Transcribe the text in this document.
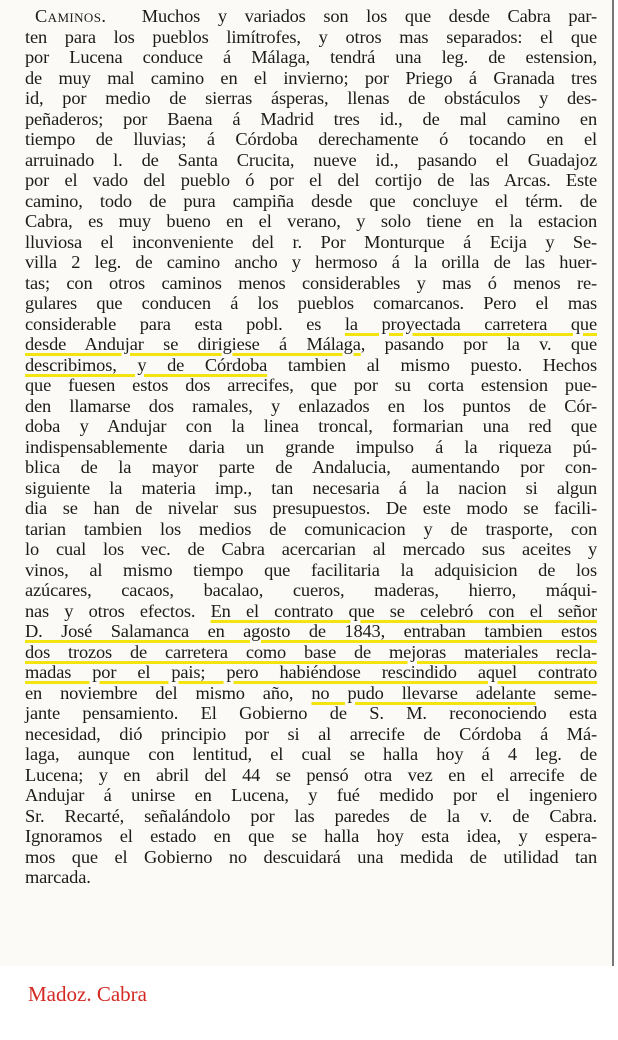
Caminos. Muchos y variados son los que desde Cabra par-
ten para los pueblos limítrofes, y otros mas separados: el que
por Lucena conduce á Málaga, tendrá una leg. de estension,
de muy mal camino en el invierno; por Priego á Granada tres
id, por medio de sierras ásperas, llenas de obstáculos y des-
peñaderos; por Baena á Madrid tres id., de mal camino en
tiempo de lluvias; á Córdoba derechamente ó tocando en el
arruinado l. de Santa Crucita, nueve id., pasando el Guadajoz
por el vado del pueblo ó por el del cortijo de las Arcas. Este
camino, todo de pura campiña desde que concluye el térm. de
Cabra, es muy bueno en el verano, y solo tiene en la estacion
lluviosa el inconveniente del r. Por Monturque á Ecija y Se-
villa 2 leg. de camino ancho y hermoso á la orilla de las huer-
tas; con otros caminos menos considerables y mas ó menos re-
gulares que conducen á los pueblos comarcanos. Pero el mas
considerable para esta pobl. es la proyectada carretera que
desde Andujar se dirigiese á Málaga, pasando por la v. que
describimos, y de Córdoba tambien al mismo puesto. Hechos
que fuesen estos dos arrecifes, que por su corta estension pue-
den llamarse dos ramales, y enlazados en los puntos de Cór-
doba y Andujar con la linea troncal, formarian una red que
indispensablemente daria un grande impulso á la riqueza pú-
blica de la mayor parte de Andalucia, aumentando por con-
siguiente la materia imp., tan necesaria á la nacion si algun
dia se han de nivelar sus presupuestos. De este modo se facili-
tarian tambien los medios de comunicacion y de trasporte, con
lo cual los vec. de Cabra acercarian al mercado sus aceites y
vinos, al mismo tiempo que facilitaria la adquisicion de los
azúcares, cacaos, bacalao, cueros, maderas, hierro, máqui-
nas y otros efectos. En el contrato que se celebró con el señor
D. José Salamanca en agosto de 1843, entraban tambien estos
dos trozos de carretera como base de mejoras materiales recla-
madas por el pais; pero habiéndose rescindido aquel contrato
en noviembre del mismo año, no pudo llevarse adelante seme-
jante pensamiento. El Gobierno de S. M. reconociendo esta
necesidad, dió principio por si al arrecife de Córdoba á Má-
laga, aunque con lentitud, el cual se halla hoy á 4 leg. de
Lucena; y en abril del 44 se pensó otra vez en el arrecife de
Andujar á unirse en Lucena, y fué medido por el ingeniero
Sr. Recarté, señalándolo por las paredes de la v. de Cabra.
Ignoramos el estado en que se halla hoy esta idea, y espera-
mos que el Gobierno no descuidará una medida de utilidad tan
marcada.

Madoz. Cabra
